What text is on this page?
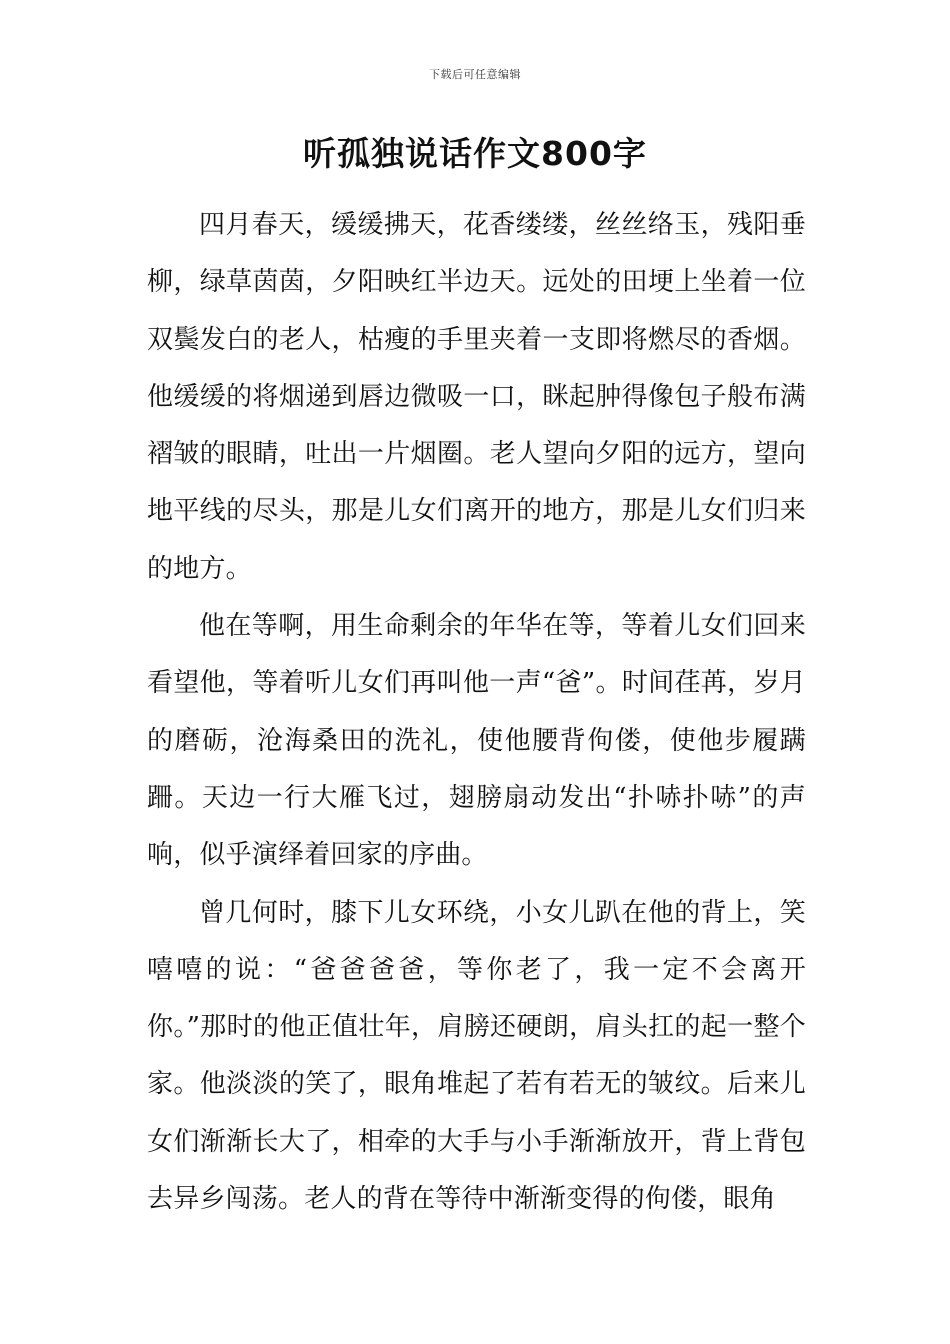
下载后可任意编辑
听孤独说话作文800字

四月春天，缓缓拂天，花香缕缕，丝丝络玉，残阳垂柳，绿草茵茵，夕阳映红半边天。远处的田埂上坐着一位双鬓发白的老人，枯瘦的手里夹着一支即将燃尽的香烟。他缓缓的将烟递到唇边微吸一口，眯起肿得像包子般布满褶皱的眼睛，吐出一片烟圈。老人望向夕阳的远方，望向地平线的尽头，那是儿女们离开的地方，那是儿女们归来的地方。

他在等啊，用生命剩余的年华在等，等着儿女们回来看望他，等着听儿女们再叫他一声“爸”。时间荏苒，岁月的磨砺，沧海桑田的洗礼，使他腰背佝偻，使他步履蹒跚。天边一行大雁飞过，翅膀扇动发出“扑哧扑哧”的声响，似乎演绎着回家的序曲。

曾几何时，膝下儿女环绕，小女儿趴在他的背上，笑嘻嘻的说：“爸爸爸爸，等你老了，我一定不会离开你。”那时的他正值壮年，肩膀还硬朗，肩头扛的起一整个家。他淡淡的笑了，眼角堆起了若有若无的皱纹。后来儿女们渐渐长大了，相牵的大手与小手渐渐放开，背上背包去异乡闯荡。老人的背在等待中渐渐变得的佝偻，眼角
